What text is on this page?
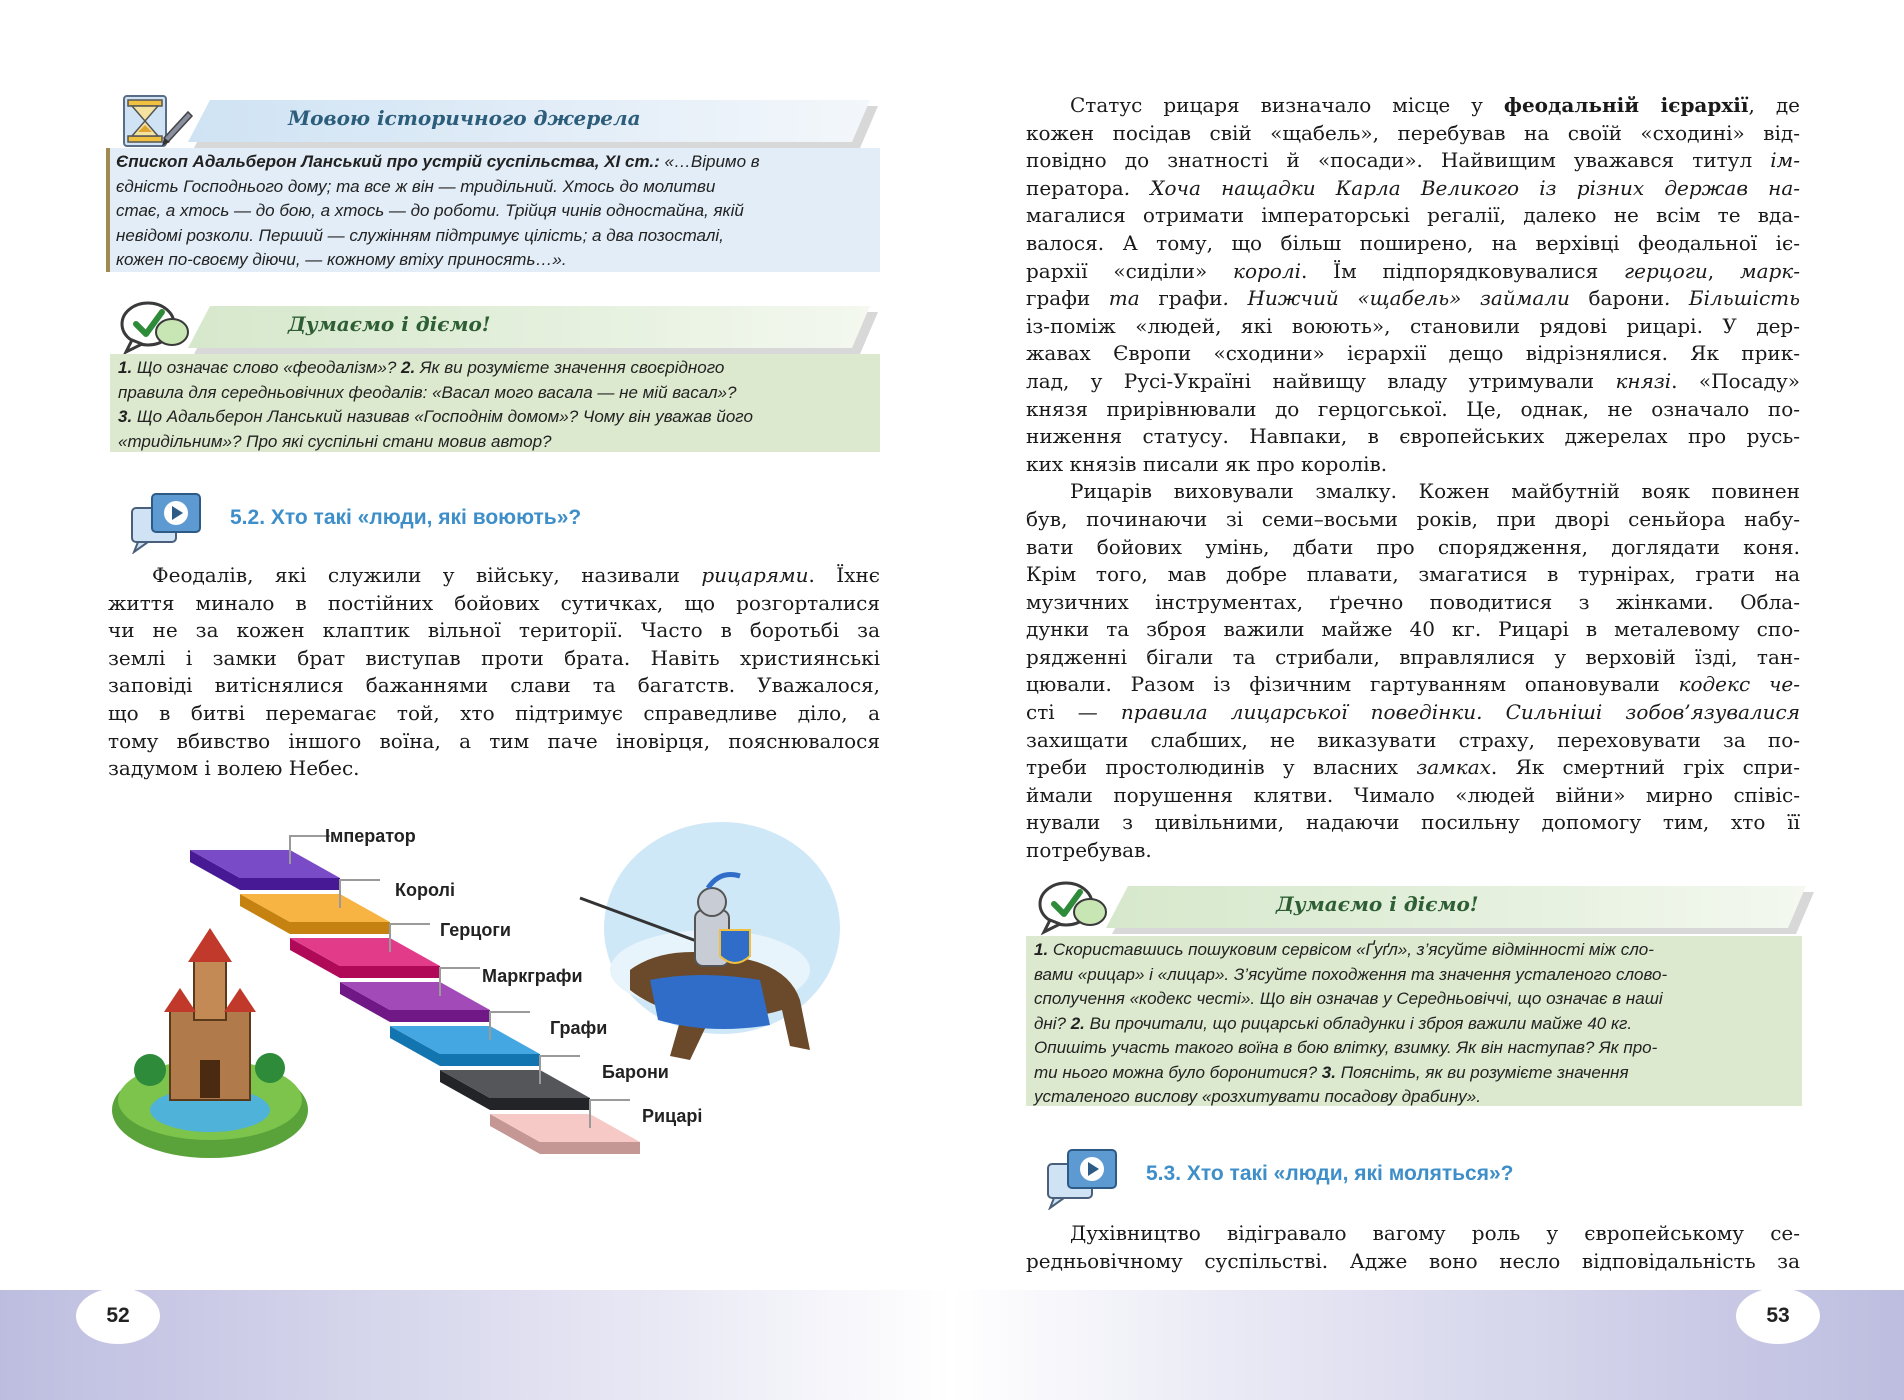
Мовою історичного джерела
Єпископ Адальберон Ланський про устрій суспільства, XI ст.: «…Віримо в
єдність Господнього дому; та все ж він — тридільний. Хтось до молитви
стає, а хтось — до бою, а хтось — до роботи. Трійця чинів одностайна, якій
невідомі розколи. Перший — служінням підтримує цілість; а два позосталі,
кожен по-своєму діючи, — кожному втіху приносять…».
Думаємо і діємо!
1. Що означає слово «феодалізм»? 2. Як ви розумієте значення своєрідного
правила для середньовічних феодалів: «Васал мого васала — не мій васал»?
3. Що Адальберон Ланський називав «Господнім домом»? Чому він уважав його
«тридільним»? Про які суспільні стани мовив автор?
5.2. Хто такі «люди, які воюють»?
Феодалів, які служили у війську, називали рицарями. Їхнє
життя минало в постійних бойових сутичках, що розгорталися
чи не за кожен клаптик вільної території. Часто в боротьбі за
землі і замки брат виступав проти брата. Навіть християнські
заповіді витіснялися бажаннями слави та багатств. Уважалося,
що в битві перемагає той, хто підтримує справедливе діло, а
тому вбивство іншого воїна, а тим паче іновірця, пояснювалося
задумом і волею Небес.
Імператор
Королі
Герцоги
Маркграфи
Графи
Барони
Рицарі
52
Статус рицаря визначало місце у феодальній ієрархії, де
кожен посідав свій «щабель», перебував на своїй «сходині» від-
повідно до знатності й «посади». Найвищим уважався титул ім-
ператора. Хоча нащадки Карла Великого із різних держав на-
магалися отримати імператорські регалії, далеко не всім те вда-
валося. А тому, що більш поширено, на верхівці феодальної іє-
рархії «сиділи» королі. Їм підпорядковувалися герцоги, марк-
графи та графи. Нижчий «щабель» займали барони. Більшість
із-поміж «людей, які воюють», становили рядові рицарі. У дер-
жавах Європи «сходини» ієрархії дещо відрізнялися. Як прик-
лад, у Русі-Україні найвищу владу утримували князі. «Посаду»
князя прирівнювали до герцогської. Це, однак, не означало по-
ниження статусу. Навпаки, в європейських джерелах про русь-
ких князів писали як про королів.
Рицарів виховували змалку. Кожен майбутній вояк повинен
був, починаючи зі семи–восьми років, при дворі сеньйора набу-
вати бойових умінь, дбати про спорядження, доглядати коня.
Крім того, мав добре плавати, змагатися в турнірах, грати на
музичних інструментах, ґречно поводитися з жінками. Обла-
дунки та зброя важили майже 40 кг. Рицарі в металевому спо-
рядженні бігали та стрибали, вправлялися у верховій їзді, тан-
цювали. Разом із фізичним гартуванням опановували кодекс че-
сті — правила лицарської поведінки. Сильніші зобов’язувалися
захищати слабших, не виказувати страху, переховувати за по-
треби простолюдинів у власних замках. Як смертний гріх спри-
ймали порушення клятви. Чимало «людей війни» мирно співіс-
нували з цивільними, надаючи посильну допомогу тим, хто її
потребував.
Думаємо і діємо!
1. Скориставшись пошуковим сервісом «Ґуґл», з’ясуйте відмінності між сло-
вами «рицар» і «лицар». З’ясуйте походження та значення усталеного слово-
сполучення «кодекс честі». Що він означав у Середньовіччі, що означає в наші
дні? 2. Ви прочитали, що рицарські обладунки і зброя важили майже 40 кг.
Опишіть участь такого воїна в бою влітку, взимку. Як він наступав? Як про-
ти нього можна було боронитися? 3. Поясніть, як ви розумієте значення
усталеного вислову «розхитувати посадову драбину».
5.3. Хто такі «люди, які моляться»?
Духівництво відігравало вагому роль у європейському се-
редньовічному суспільстві. Адже воно несло відповідальність за
53
